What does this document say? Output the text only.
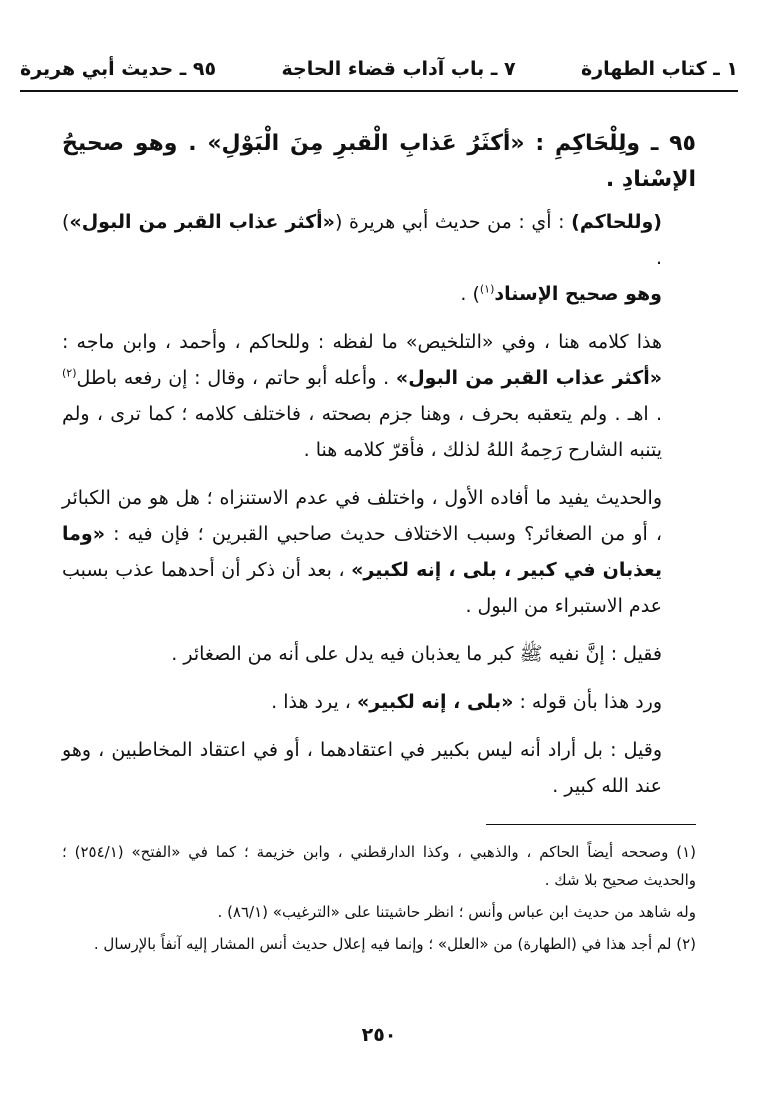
١ ـ كتاب الطهارة
٧ ـ باب آداب قضاء الحاجة
٩٥ ـ حديث أبي هريرة

٩٥ ـ ولِلْحَاكِمِ : «أكثَرُ عَذابِ الْقبرِ مِنَ الْبَوْلِ» . وهو صحيحُ الإسْنادِ .

(وللحاكم) : أي : من حديث أبي هريرة («أكثر عذاب القبر من البول») .
وهو صحيح الإسناد$^{(١)}$) .

هذا كلامه هنا ، وفي «التلخيص» ما لفظه : وللحاكم ، وأحمد ، وابن ماجه : «أكثر عذاب القبر من البول» . وأعله أبو حاتم ، وقال : إن رفعه باطل$^{(٢)}$ . اهـ . ولم يتعقبه بحرف ، وهنا جزم بصحته ، فاختلف كلامه ؛ كما ترى ، ولم يتنبه الشارح رَحِمهُ اللهُ لذلك ، فأقرّ كلامه هنا .

والحديث يفيد ما أفاده الأول ، واختلف في عدم الاستنزاه ؛ هل هو من الكبائر ، أو من الصغائر؟ وسبب الاختلاف حديث صاحبي القبرين ؛ فإن فيه : «وما يعذبان في كبير ، بلى ، إنه لكبير» ، بعد أن ذكر أن أحدهما عذب بسبب عدم الاستبراء من البول .

فقيل : إنَّ نفيه ﷺ كبر ما يعذبان فيه يدل على أنه من الصغائر .

ورد هذا بأن قوله : «بلى ، إنه لكبير» ، يرد هذا .

وقيل : بل أراد أنه ليس بكبير في اعتقادهما ، أو في اعتقاد المخاطبين ، وهو عند الله كبير .

(١) وصححه أيضاً الحاكم ، والذهبي ، وكذا الدارقطني ، وابن خزيمة ؛ كما في «الفتح» (٢٥٤/١) ؛ والحديث صحيح بلا شك .

وله شاهد من حديث ابن عباس وأنس ؛ انظر حاشيتنا على «الترغيب» (٨٦/١) .

(٢) لم أجد هذا في (الطهارة) من «العلل» ؛ وإنما فيه إعلال حديث أنس المشار إليه آنفاً بالإرسال .

٢٥٠
